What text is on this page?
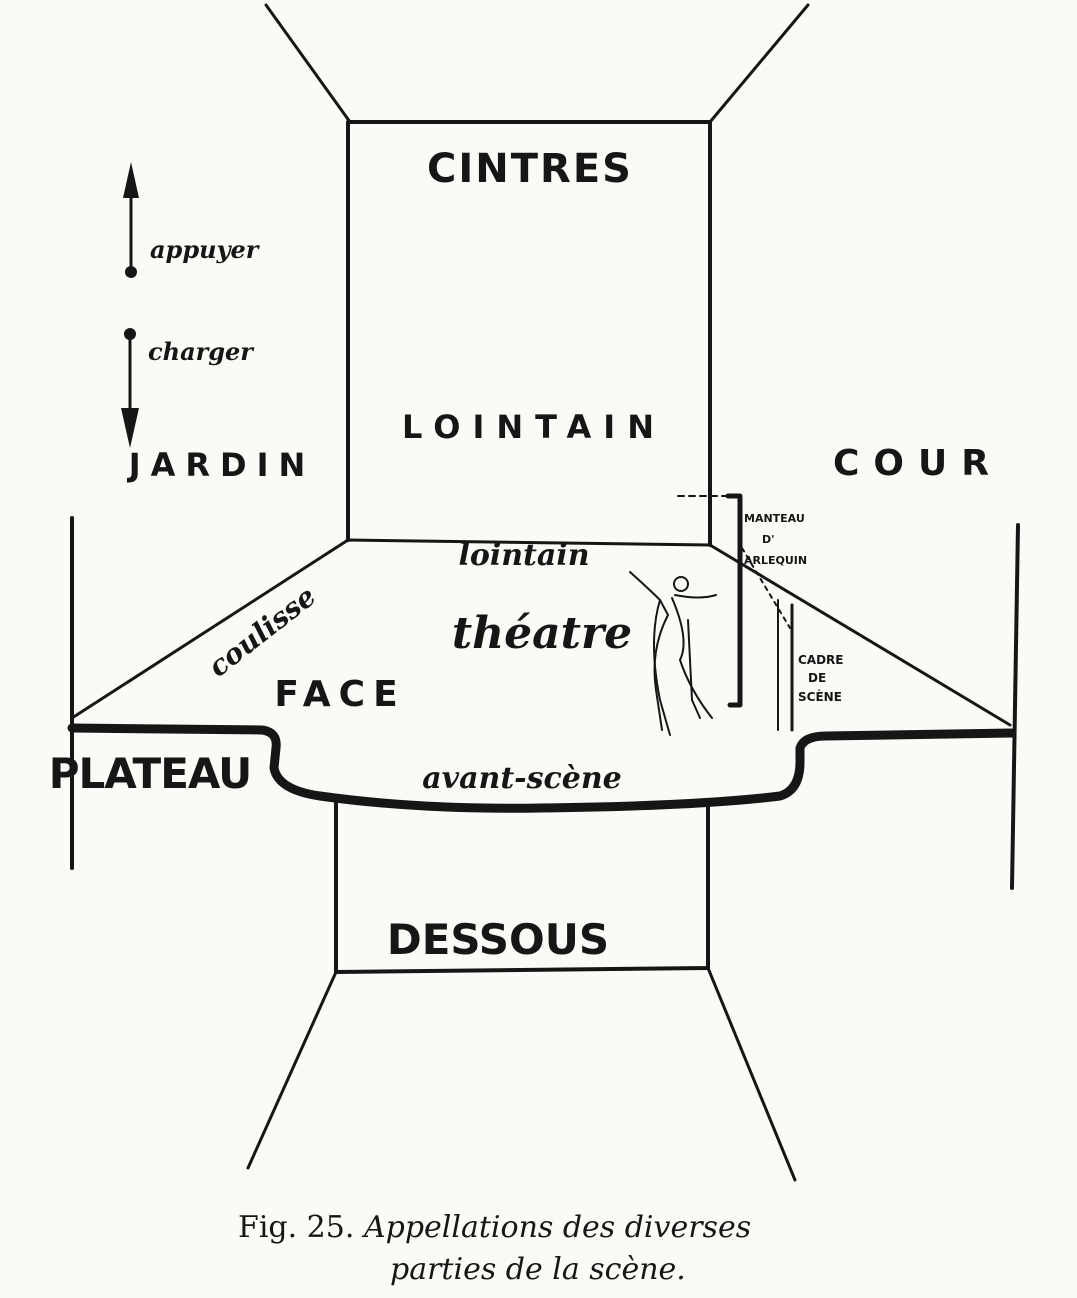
CINTRES
LOINTAIN
JARDIN	COUR
FACE
PLATEAU
DESSOUS
appuyer
charger
lointain
théatre
coulisse
avant-scène
MANTEAU
D'
ARLEQUIN
CADRE
DE
SCÈNE
Fig. 25. Appellations des diverses
parties de la scène.
